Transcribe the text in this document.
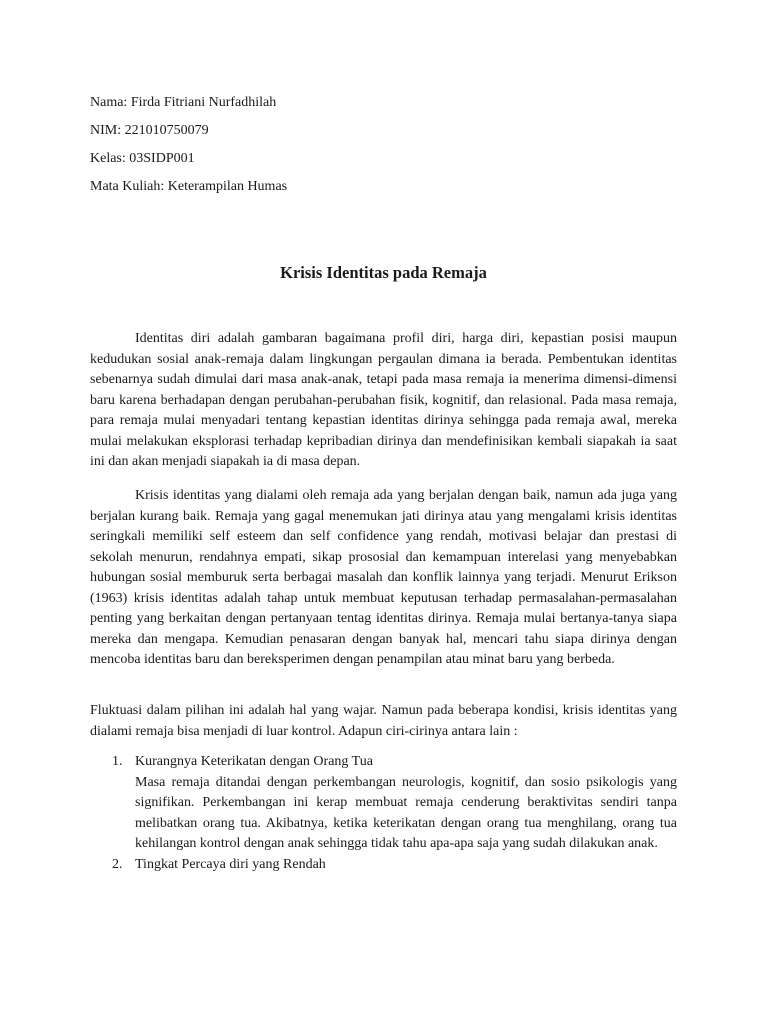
Nama: Firda Fitriani Nurfadhilah
NIM: 221010750079
Kelas: 03SIDP001
Mata Kuliah: Keterampilan Humas
Krisis Identitas pada Remaja

Identitas diri adalah gambaran bagaimana profil diri, harga diri, kepastian posisi maupun kedudukan sosial anak-remaja dalam lingkungan pergaulan dimana ia berada. Pembentukan identitas sebenarnya sudah dimulai dari masa anak-anak, tetapi pada masa remaja ia menerima dimensi-dimensi baru karena berhadapan dengan perubahan-perubahan fisik, kognitif, dan relasional. Pada masa remaja, para remaja mulai menyadari tentang kepastian identitas dirinya sehingga pada remaja awal, mereka mulai melakukan eksplorasi terhadap kepribadian dirinya dan mendefinisikan kembali siapakah ia saat ini dan akan menjadi siapakah ia di masa depan.

Krisis identitas yang dialami oleh remaja ada yang berjalan dengan baik, namun ada juga yang berjalan kurang baik. Remaja yang gagal menemukan jati dirinya atau yang mengalami krisis identitas seringkali memiliki self esteem dan self confidence yang rendah, motivasi belajar dan prestasi di sekolah menurun, rendahnya empati, sikap prososial dan kemampuan interelasi yang menyebabkan hubungan sosial memburuk serta berbagai masalah dan konflik lainnya yang terjadi. Menurut Erikson (1963) krisis identitas adalah tahap untuk membuat keputusan terhadap permasalahan-permasalahan penting yang berkaitan dengan pertanyaan tentag identitas dirinya. Remaja mulai bertanya-tanya siapa mereka dan mengapa. Kemudian penasaran dengan banyak hal, mencari tahu siapa dirinya dengan mencoba identitas baru dan bereksperimen dengan penampilan atau minat baru yang berbeda.

Fluktuasi dalam pilihan ini adalah hal yang wajar. Namun pada beberapa kondisi, krisis identitas yang dialami remaja bisa menjadi di luar kontrol. Adapun ciri-cirinya antara lain :

1. Kurangnya Keterikatan dengan Orang Tua
Masa remaja ditandai dengan perkembangan neurologis, kognitif, dan sosio psikologis yang signifikan. Perkembangan ini kerap membuat remaja cenderung beraktivitas sendiri tanpa melibatkan orang tua. Akibatnya, ketika keterikatan dengan orang tua menghilang, orang tua kehilangan kontrol dengan anak sehingga tidak tahu apa-apa saja yang sudah dilakukan anak.
2. Tingkat Percaya diri yang Rendah
